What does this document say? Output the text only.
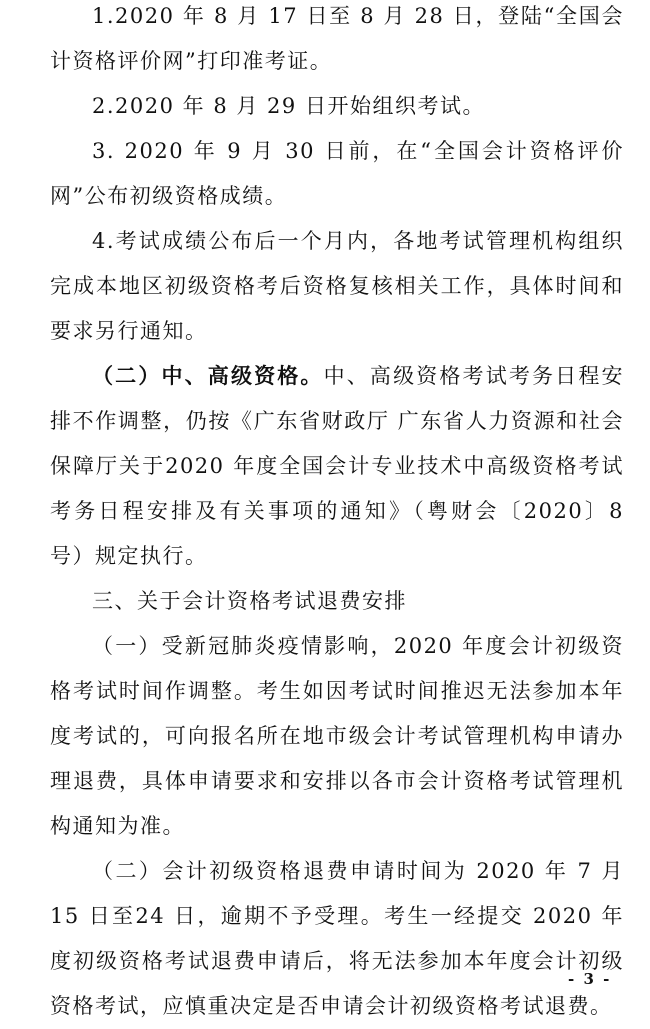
1.2020 年 8 月 17 日至 8 月 28 日，登陆“全国会计资格评价网”打印准考证。

2.2020 年 8 月 29 日开始组织考试。

3. 2020 年 9 月 30 日前，在“全国会计资格评价网”公布初级资格成绩。

4.考试成绩公布后一个月内，各地考试管理机构组织完成本地区初级资格考后资格复核相关工作，具体时间和要求另行通知。

（二）中、高级资格。中、高级资格考试考务日程安排不作调整，仍按《广东省财政厅 广东省人力资源和社会保障厅关于2020 年度全国会计专业技术中高级资格考试考务日程安排及有关事项的通知》（粤财会〔2020〕8 号）规定执行。

三、关于会计资格考试退费安排

（一）受新冠肺炎疫情影响，2020 年度会计初级资格考试时间作调整。考生如因考试时间推迟无法参加本年度考试的，可向报名所在地市级会计考试管理机构申请办理退费，具体申请要求和安排以各市会计资格考试管理机构通知为准。

（二）会计初级资格退费申请时间为 2020 年 7 月 15 日至24 日，逾期不予受理。考生一经提交 2020 年度初级资格考试退费申请后，将无法参加本年度会计初级资格考试，应慎重决定是否申请会计初级资格考试退费。

- 3 -
